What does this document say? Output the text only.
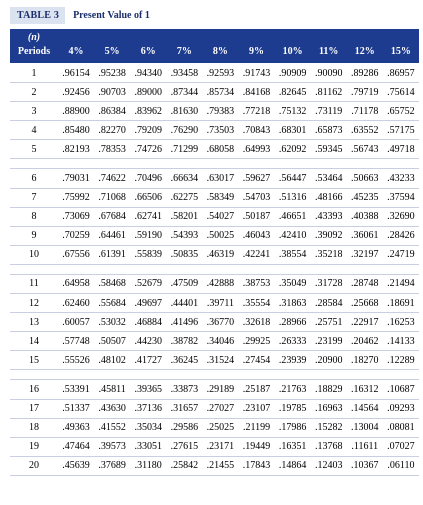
TABLE 3	Present Value of 1
(n)
Periods	4%	5%	6%	7%	8%	9%	10%	11%	12%	15%
1	.96154 .95238 .94340 .93458 .92593 .91743 .90909 .90090 .89286 .86957
2	.92456 .90703 .89000 .87344 .85734 .84168 .82645 .81162 .79719 .75614
3	.88900 .86384 .83962 .81630 .79383 .77218 .75132 .73119 .71178 .65752
4	.85480 .82270 .79209 .76290 .73503 .70843 .68301 .65873 .63552 .57175
5	.82193 .78353 .74726 .71299 .68058 .64993 .62092 .59345 .56743 .49718
6	.79031 .74622 .70496 .66634 .63017 .59627 .56447 .53464 .50663 .43233
7	.75992 .71068 .66506 .62275 .58349 .54703 .51316 .48166 .45235 .37594
8	.73069 .67684 .62741 .58201 .54027 .50187 .46651 .43393 .40388 .32690
9	.70259 .64461 .59190 .54393 .50025 .46043 .42410 .39092 .36061 .28426
10	.67556 .61391 .55839 .50835 .46319 .42241 .38554 .35218 .32197 .24719
11	.64958 .58468 .52679 .47509 .42888 .38753 .35049 .31728 .28748 .21494
12	.62460 .55684 .49697 .44401 .39711 .35554 .31863 .28584 .25668 .18691
13	.60057 .53032 .46884 .41496 .36770 .32618 .28966 .25751 .22917 .16253
14	.57748 .50507 .44230 .38782 .34046 .29925 .26333 .23199 .20462 .14133
15	.55526 .48102 .41727 .36245 .31524 .27454 .23939 .20900 .18270 .12289
16	.53391 .45811 .39365 .33873 .29189 .25187 .21763 .18829 .16312 .10687
17	.51337 .43630 .37136 .31657 .27027 .23107 .19785 .16963 .14564 .09293
18	.49363 .41552 .35034 .29586 .25025 .21199 .17986 .15282 .13004 .08081
19	.47464 .39573 .33051 .27615 .23171 .19449 .16351 .13768 .11611 .07027
20	.45639 .37689 .31180 .25842 .21455 .17843 .14864 .12403 .10367 .06110
